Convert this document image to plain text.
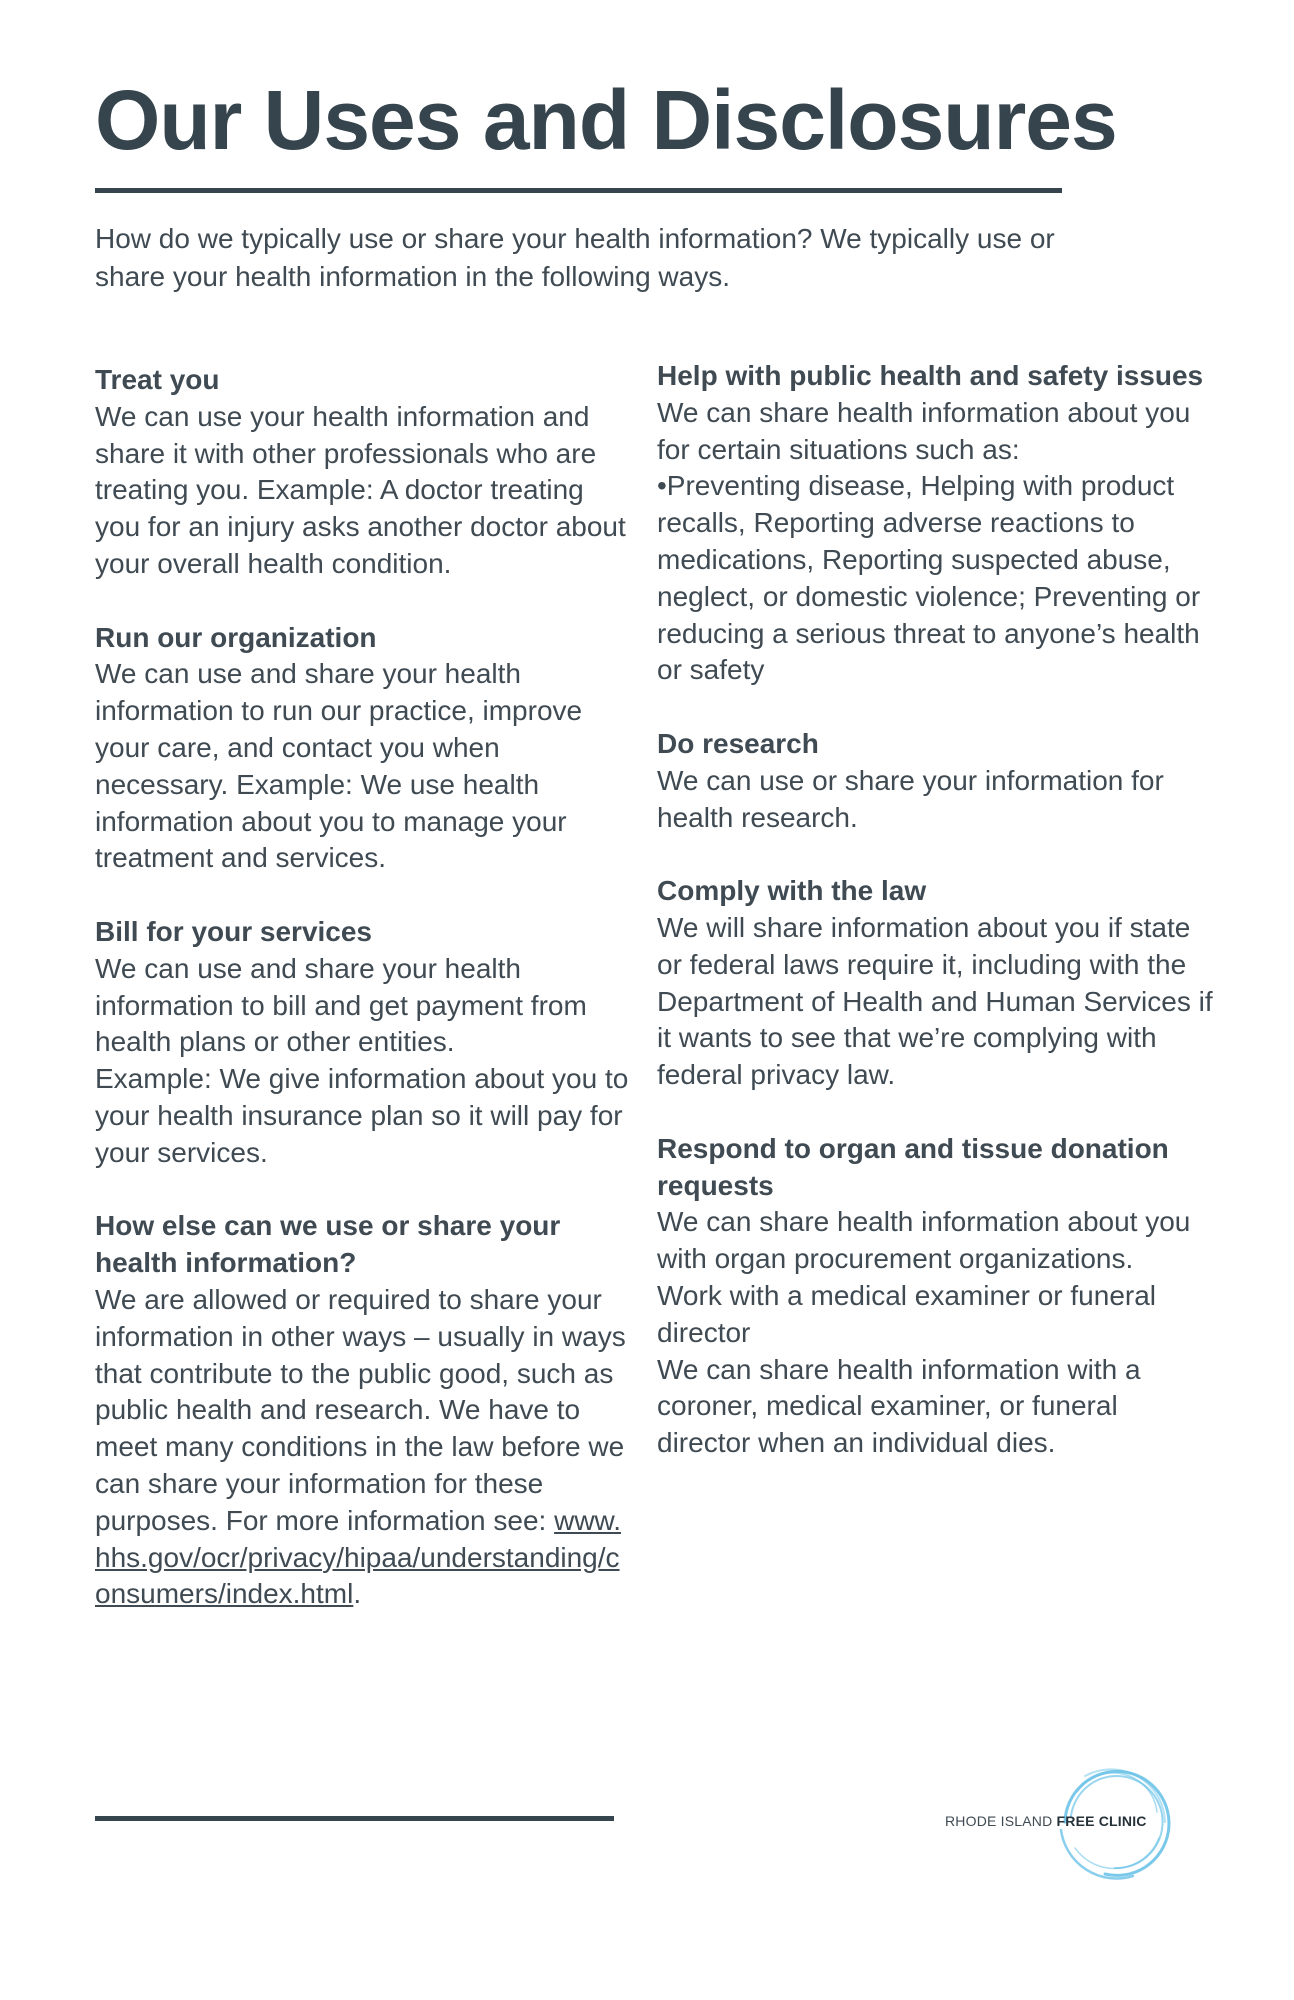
Our Uses and Disclosures

How do we typically use or share your health information? We typically use or share your health information in the following ways.

Treat you
We can use your health information and share it with other professionals who are treating you. Example: A doctor treating you for an injury asks another doctor about your overall health condition.
Run our organization
We can use and share your health information to run our practice, improve your care, and contact you when necessary. Example: We use health information about you to manage your treatment and services.
Bill for your services
We can use and share your health information to bill and get payment from health plans or other entities.
Example: We give information about you to your health insurance plan so it will pay for your services.
How else can we use or share your health information?
We are allowed or required to share your information in other ways – usually in ways that contribute to the public good, such as public health and research. We have to meet many conditions in the law before we can share your information for these purposes. For more information see: www.hhs.gov/ocr/privacy/hipaa/understanding/consumers/index.html.
Help with public health and safety issues
We can share health information about you for certain situations such as:
•Preventing disease, Helping with product recalls, Reporting adverse reactions to medications, Reporting suspected abuse, neglect, or domestic violence; Preventing or reducing a serious threat to anyone’s health or safety
Do research
We can use or share your information for health research.
Comply with the law
We will share information about you if state or federal laws require it, including with the Department of Health and Human Services if it wants to see that we’re complying with federal privacy law.
Respond to organ and tissue donation requests
We can share health information about you with organ procurement organizations.
Work with a medical examiner or funeral director
We can share health information with a coroner, medical examiner, or funeral director when an individual dies.
RHODE ISLAND FREE CLINIC
